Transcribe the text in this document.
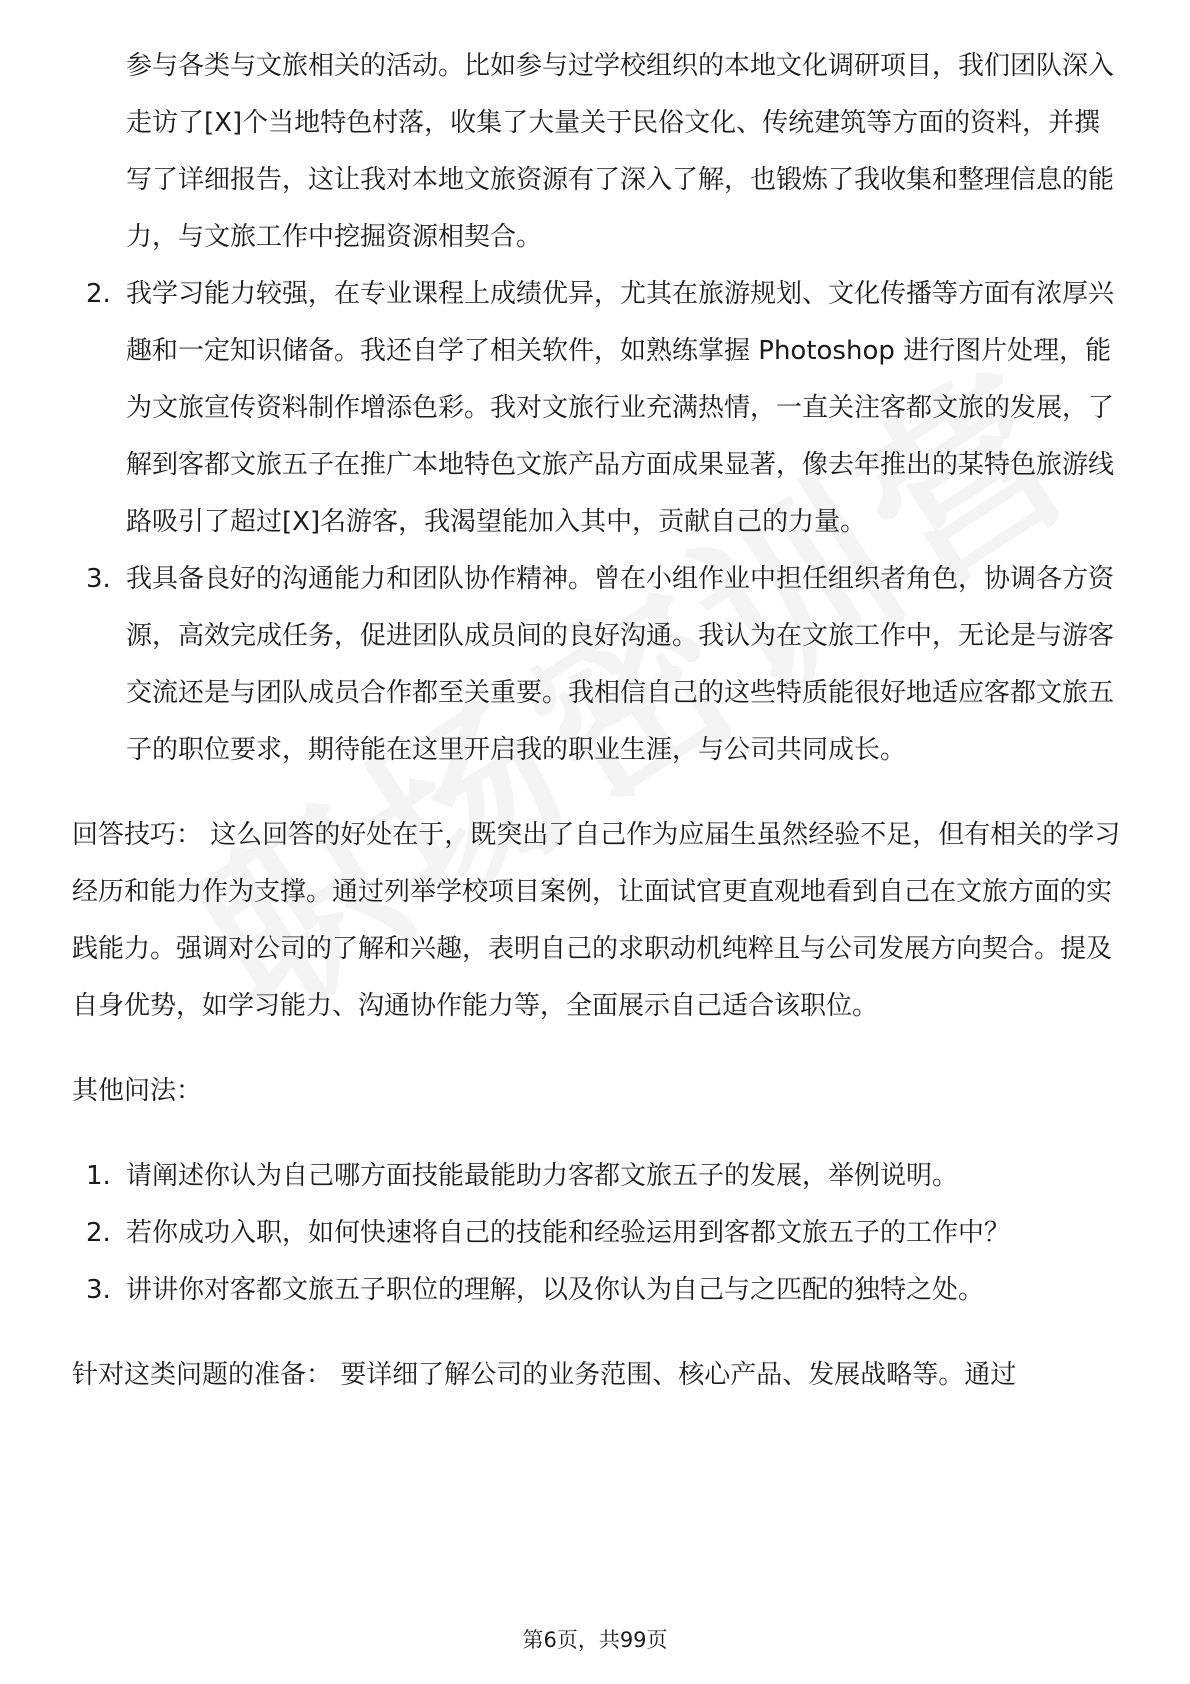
参与各类与文旅相关的活动。比如参与过学校组织的本地文化调研项目，我们团队深入走访了[X]个当地特色村落，收集了大量关于民俗文化、传统建筑等方面的资料，并撰写了详细报告，这让我对本地文旅资源有了深入了解，也锻炼了我收集和整理信息的能力，与文旅工作中挖掘资源相契合。
2. 我学习能力较强，在专业课程上成绩优异，尤其在旅游规划、文化传播等方面有浓厚兴趣和一定知识储备。我还自学了相关软件，如熟练掌握 Photoshop 进行图片处理，能为文旅宣传资料制作增添色彩。我对文旅行业充满热情，一直关注客都文旅的发展，了解到客都文旅五子在推广本地特色文旅产品方面成果显著，像去年推出的某特色旅游线路吸引了超过[X]名游客，我渴望能加入其中，贡献自己的力量。
3. 我具备良好的沟通能力和团队协作精神。曾在小组作业中担任组织者角色，协调各方资源，高效完成任务，促进团队成员间的良好沟通。我认为在文旅工作中，无论是与游客交流还是与团队成员合作都至关重要。我相信自己的这些特质能很好地适应客都文旅五子的职位要求，期待能在这里开启我的职业生涯，与公司共同成长。

回答技巧： 这么回答的好处在于，既突出了自己作为应届生虽然经验不足，但有相关的学习经历和能力作为支撑。通过列举学校项目案例，让面试官更直观地看到自己在文旅方面的实践能力。强调对公司的了解和兴趣，表明自己的求职动机纯粹且与公司发展方向契合。提及自身优势，如学习能力、沟通协作能力等，全面展示自己适合该职位。

其他问法：

1. 请阐述你认为自己哪方面技能最能助力客都文旅五子的发展，举例说明。
2. 若你成功入职，如何快速将自己的技能和经验运用到客都文旅五子的工作中？
3. 讲讲你对客都文旅五子职位的理解，以及你认为自己与之匹配的独特之处。

针对这类问题的准备： 要详细了解公司的业务范围、核心产品、发展战略等。通过

第6页，共99页
